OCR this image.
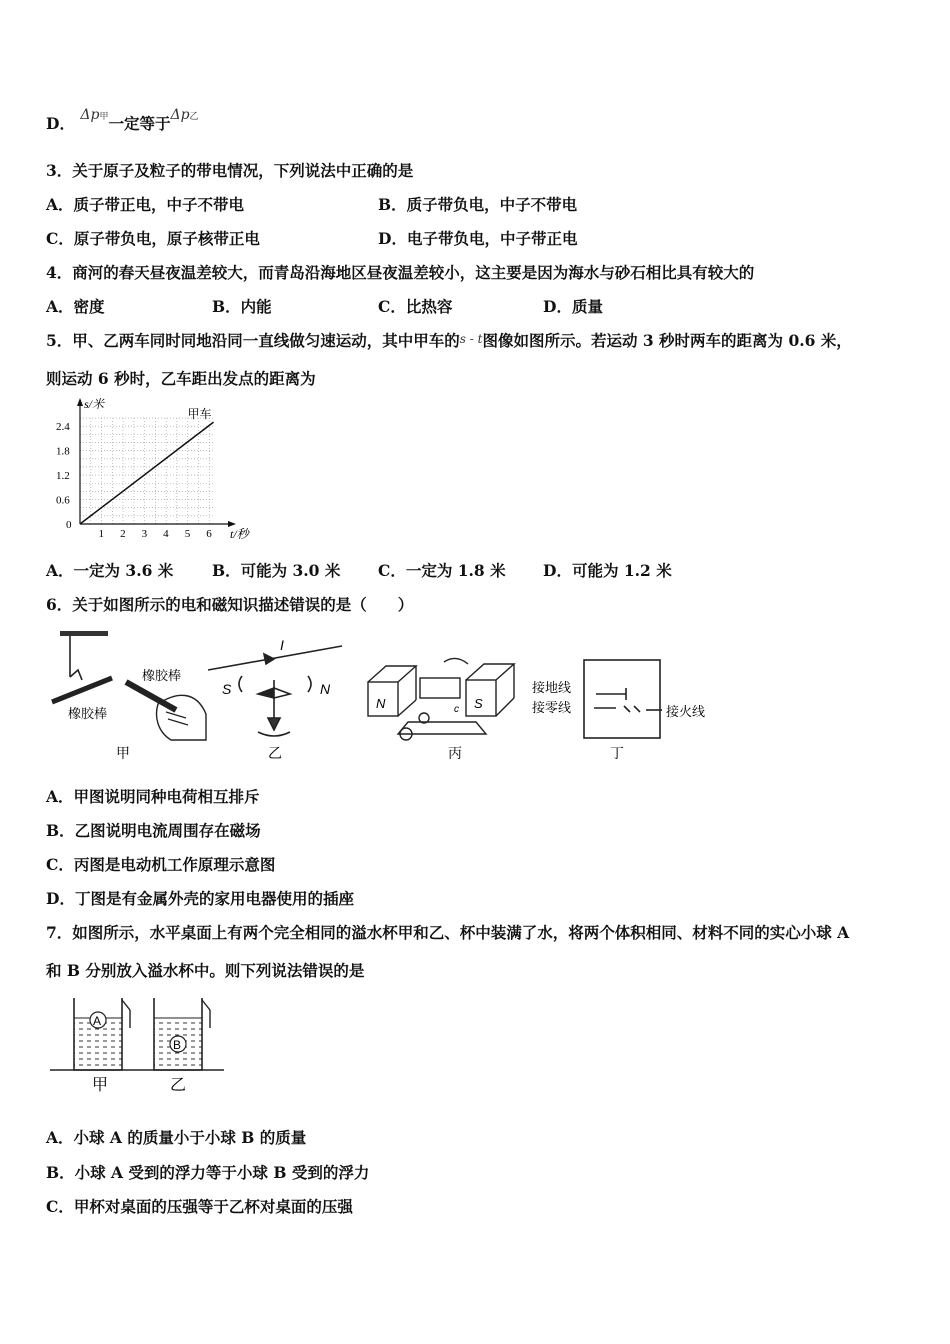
D． Δp甲一定等于Δp乙
3．关于原子及粒子的带电情况，下列说法中正确的是
A．质子带正电，中子不带电	B．质子带负电，中子不带电
C．原子带负电，原子核带正电	D．电子带负电，中子带正电
4．商河的春天昼夜温差较大，而青岛沿海地区昼夜温差较小，这主要是因为海水与砂石相比具有较大的
A．密度	B．内能	C．比热容	D．质量
5．甲、乙两车同时同地沿同一直线做匀速运动，其中甲车的s - t图像如图所示。若运动 3 秒时两车的距离为 0.6 米，
则运动 6 秒时，乙车距出发点的距离为
1 2 3 4 5 6
0.6
1.2
1.8
2.4
0
t/秒
s/米
甲车
A．一定为 3.6 米 B．可能为 3.0 米 C．一定为 1.8 米 D．可能为 1.2 米
6．关于如图所示的电和磁知识描述错误的是（　　）
橡胶棒
橡胶棒
甲
I
S	N
乙
N	S
c
丙
接地线
接零线	接火线
丁
A．甲图说明同种电荷相互排斥
B．乙图说明电流周围存在磁场
C．丙图是电动机工作原理示意图
D．丁图是有金属外壳的家用电器使用的插座
7．如图所示，水平桌面上有两个完全相同的溢水杯甲和乙、杯中装满了水，将两个体积相同、材料不同的实心小球 A
和 B 分别放入溢水杯中。则下列说法错误的是
A
B
甲	乙
A．小球 A 的质量小于小球 B 的质量
B．小球 A 受到的浮力等于小球 B 受到的浮力
C．甲杯对桌面的压强等于乙杯对桌面的压强
